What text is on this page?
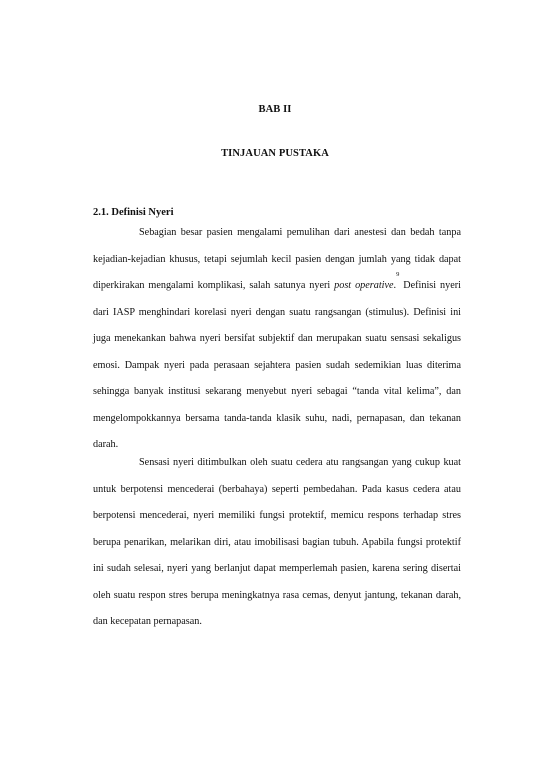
BAB II
TINJAUAN PUSTAKA
2.1. Definisi Nyeri

Sebagian besar pasien mengalami pemulihan dari anestesi dan bedah tanpa kejadian-kejadian khusus, tetapi sejumlah kecil pasien dengan jumlah yang tidak dapat diperkirakan mengalami komplikasi, salah satunya nyeri post operative.$^9$ Definisi nyeri dari IASP menghindari korelasi nyeri dengan suatu rangsangan (stimulus). Definisi ini juga menekankan bahwa nyeri bersifat subjektif dan merupakan suatu sensasi sekaligus emosi. Dampak nyeri pada perasaan sejahtera pasien sudah sedemikian luas diterima sehingga banyak institusi sekarang menyebut nyeri sebagai “tanda vital kelima”, dan mengelompokkannya bersama tanda-tanda klasik suhu, nadi, pernapasan, dan tekanan darah.

Sensasi nyeri ditimbulkan oleh suatu cedera atu rangsangan yang cukup kuat untuk berpotensi mencederai (berbahaya) seperti pembedahan. Pada kasus cedera atau berpotensi mencederai, nyeri memiliki fungsi protektif, memicu respons terhadap stres berupa penarikan, melarikan diri, atau imobilisasi bagian tubuh. Apabila fungsi protektif ini sudah selesai, nyeri yang berlanjut dapat memperlemah pasien, karena sering disertai oleh suatu respon stres berupa meningkatnya rasa cemas, denyut jantung, tekanan darah, dan kecepatan pernapasan.
